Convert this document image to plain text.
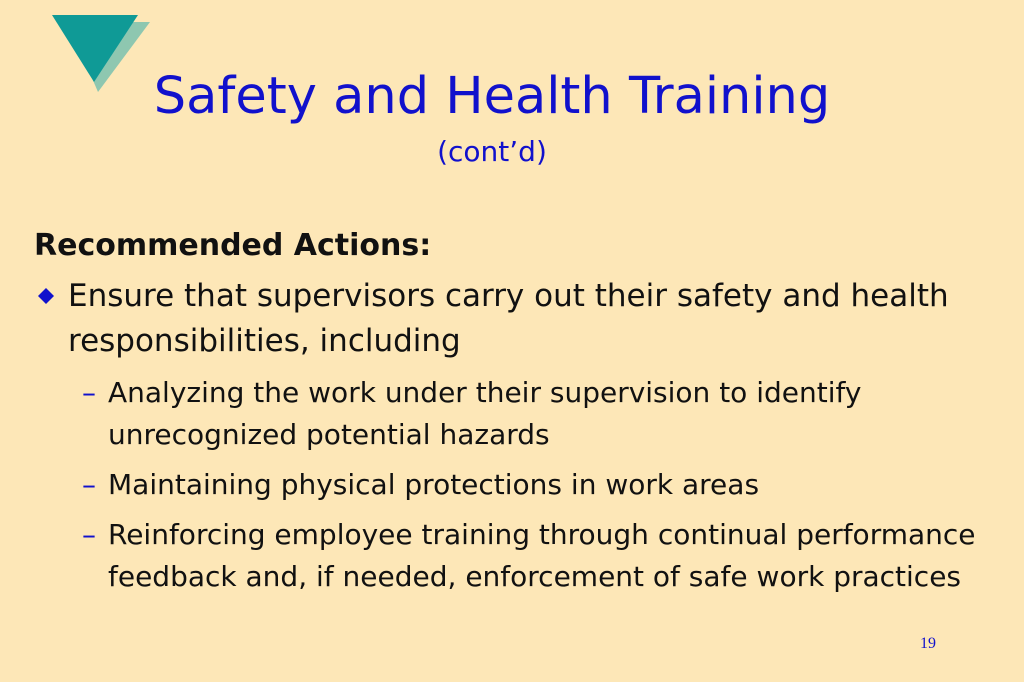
Safety and Health Training
(cont’d)
Recommended Actions:
Ensure that supervisors carry out their safety and health responsibilities, including
– Analyzing the work under their supervision to identify unrecognized potential hazards
– Maintaining physical protections in work areas
– Reinforcing employee training through continual performance feedback and, if needed, enforcement of safe work practices
19
